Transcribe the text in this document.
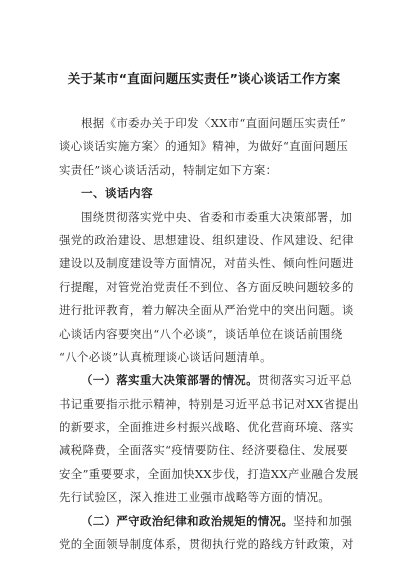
关于某市“直面问题压实责任”谈心谈话工作方案
根据《市委办关于印发〈XX市“直面问题压实责任”
谈心谈话实施方案〉的通知》精神，为做好“直面问题压
实责任”谈心谈话活动，特制定如下方案：
一、谈话内容
围绕贯彻落实党中央、省委和市委重大决策部署，加
强党的政治建设、思想建设、组织建设、作风建设、纪律
建设以及制度建设等方面情况，对苗头性、倾向性问题进
行提醒，对管党治党责任不到位、各方面反映问题较多的
进行批评教育，着力解决全面从严治党中的突出问题。谈
心谈话内容要突出“八个必谈”，谈话单位在谈话前围绕
“八个必谈”认真梳理谈心谈话问题清单。
（一）落实重大决策部署的情况。贯彻落实习近平总
书记重要指示批示精神，特别是习近平总书记对XX省提出
的新要求，全面推进乡村振兴战略、优化营商环境、落实
减税降费，全面落实“疫情要防住、经济要稳住、发展要
安全”重要要求，全面加快XX步伐，打造XX产业融合发展
先行试验区，深入推进工业强市战略等方面的情况。
（二）严守政治纪律和政治规矩的情况。坚持和加强
党的全面领导制度体系，贯彻执行党的路线方针政策，对
